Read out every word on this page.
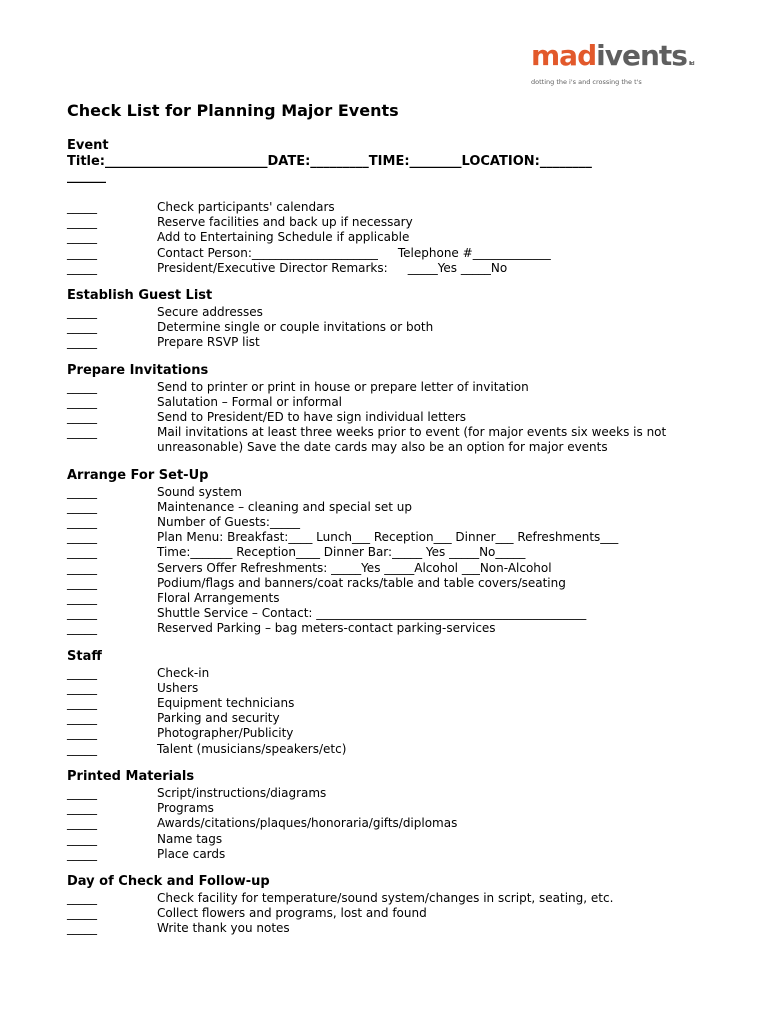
madivents ltd
dotting the i's and crossing the t's
Check List for Planning Major Events
Event
Title:_________________________DATE:_________TIME:________LOCATION:________
______
_____	Check participants' calendars
_____	Reserve facilities and back up if necessary
_____	Add to Entertaining Schedule if applicable
_____	Contact Person:_____________________ Telephone #_____________
_____	President/Executive Director Remarks: _____Yes _____No
Establish Guest List
_____	Secure addresses
_____	Determine single or couple invitations or both
_____	Prepare RSVP list
Prepare Invitations
_____	Send to printer or print in house or prepare letter of invitation
_____	Salutation – Formal or informal
_____	Send to President/ED to have sign individual letters
_____	Mail invitations at least three weeks prior to event (for major events six weeks is not unreasonable) Save the date cards may also be an option for major events
Arrange For Set-Up
_____	Sound system
_____	Maintenance – cleaning and special set up
_____	Number of Guests:_____
_____	Plan Menu: Breakfast:____ Lunch___ Reception___ Dinner___ Refreshments___
_____	Time:_______ Reception____ Dinner Bar:_____ Yes _____No_____
_____	Servers Offer Refreshments: _____Yes _____Alcohol ___Non-Alcohol
_____	Podium/flags and banners/coat racks/table and table covers/seating
_____	Floral Arrangements
_____	Shuttle Service – Contact: _____________________________________________
_____	Reserved Parking – bag meters-contact parking-services
Staff
_____	Check-in
_____	Ushers
_____	Equipment technicians
_____	Parking and security
_____	Photographer/Publicity
_____	Talent (musicians/speakers/etc)
Printed Materials
_____	Script/instructions/diagrams
_____	Programs
_____	Awards/citations/plaques/honoraria/gifts/diplomas
_____	Name tags
_____	Place cards
Day of Check and Follow-up
_____	Check facility for temperature/sound system/changes in script, seating, etc.
_____	Collect flowers and programs, lost and found
_____	Write thank you notes
